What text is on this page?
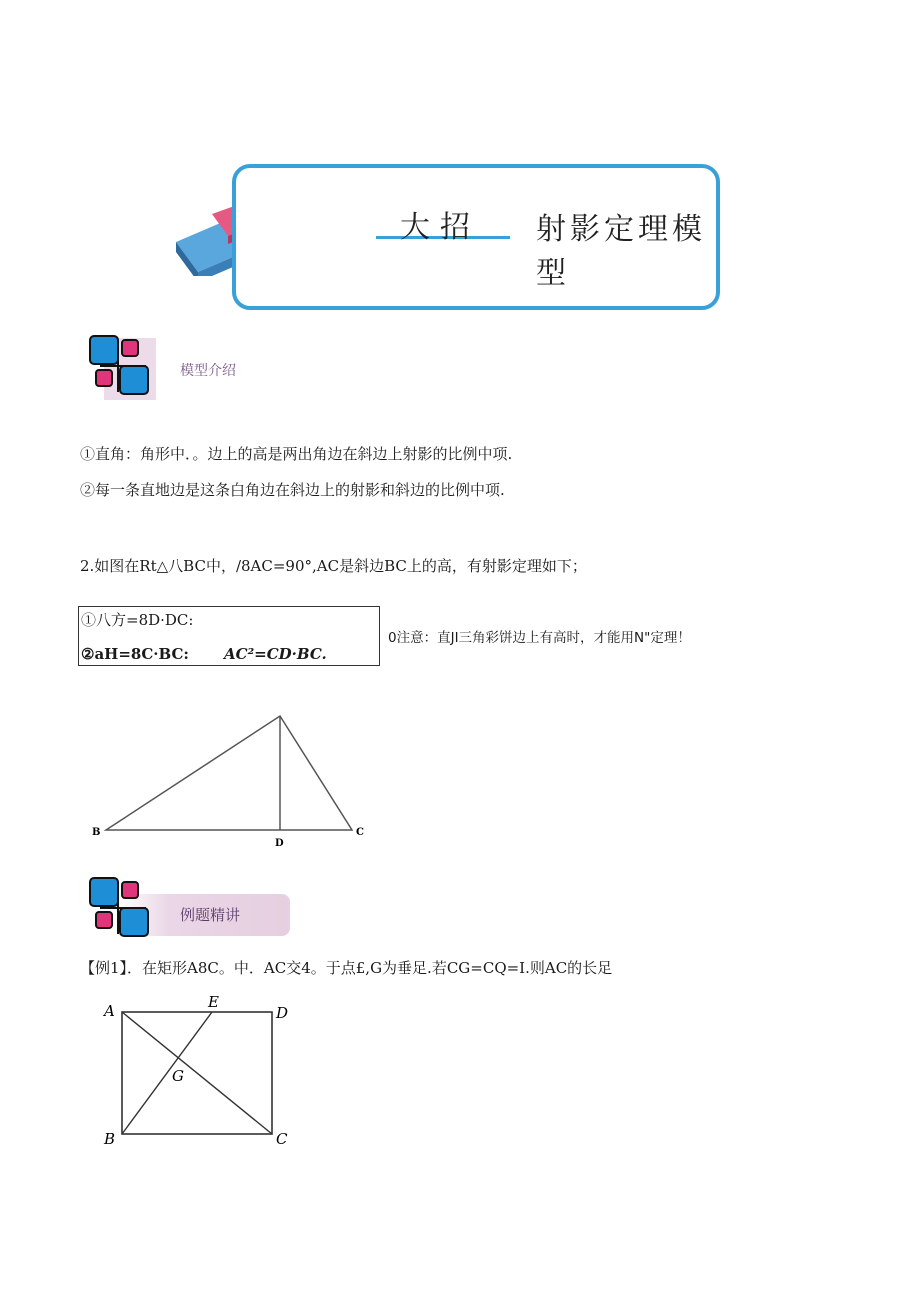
大招 射影定理模型
模型介绍
①直角：角形中．。边上的高是两出角边在斜边上射影的比例中项.
②每一条直地边是这条白角边在斜边上的射影和斜边的比例中项.
2.如图在Rt△八BC中，/8AC=90°,AC是斜边BC上的高，有射影定理如下；
①八方=8D·DC:
②aH=8C·BC: AC²=CD·BC.
0注意：直JI三角彩饼边上有高时，才能用N"定理！
B
D
C
例题精讲
【例1】．在矩形A8C。中．AC交4。于点£,G为垂足.若CG=CQ=I.则AC的长足
A	E
D
G
B	C
